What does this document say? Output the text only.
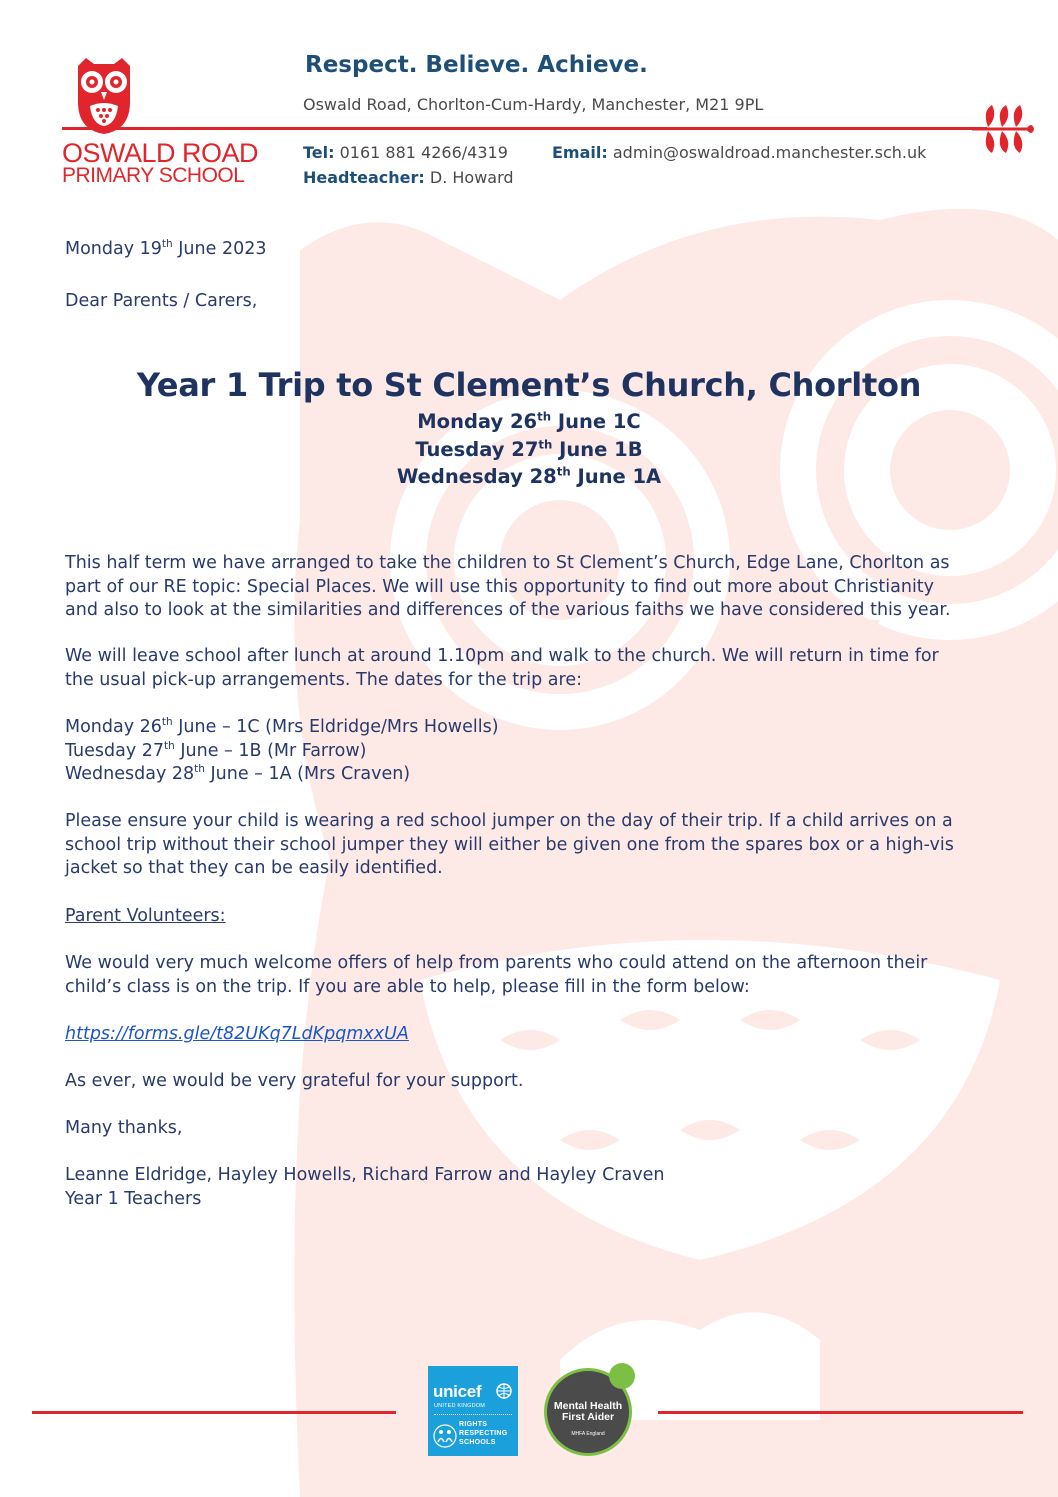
OSWALD ROAD
PRIMARY SCHOOL
Respect. Believe. Achieve.
Oswald Road, Chorlton-Cum-Hardy, Manchester, M21 9PL
Tel: 0161 881 4266/4319	Email: admin@oswaldroad.manchester.sch.uk
Headteacher: D. Howard
Monday 19th June 2023
Dear Parents / Carers,
Year 1 Trip to St Clement’s Church, Chorlton
Monday 26th June 1C
Tuesday 27th June 1B
Wednesday 28th June 1A
This half term we have arranged to take the children to St Clement’s Church, Edge Lane, Chorlton as
part of our RE topic: Special Places. We will use this opportunity to find out more about Christianity
and also to look at the similarities and differences of the various faiths we have considered this year.
We will leave school after lunch at around 1.10pm and walk to the church. We will return in time for
the usual pick-up arrangements. The dates for the trip are:
Monday 26th June – 1C (Mrs Eldridge/Mrs Howells)
Tuesday 27th June – 1B (Mr Farrow)
Wednesday 28th June – 1A (Mrs Craven)
Please ensure your child is wearing a red school jumper on the day of their trip. If a child arrives on a
school trip without their school jumper they will either be given one from the spares box or a high-vis
jacket so that they can be easily identified.
Parent Volunteers:
We would very much welcome offers of help from parents who could attend on the afternoon their
child’s class is on the trip. If you are able to help, please fill in the form below:
https://forms.gle/t82UKq7LdKpqmxxUA
As ever, we would be very grateful for your support.
Many thanks,
Leanne Eldridge, Hayley Howells, Richard Farrow and Hayley Craven
Year 1 Teachers
unicef
UNITED KINGDOM
RIGHTS
RESPECTING
SCHOOLS
Mental Health
First Aider
MHFA England
